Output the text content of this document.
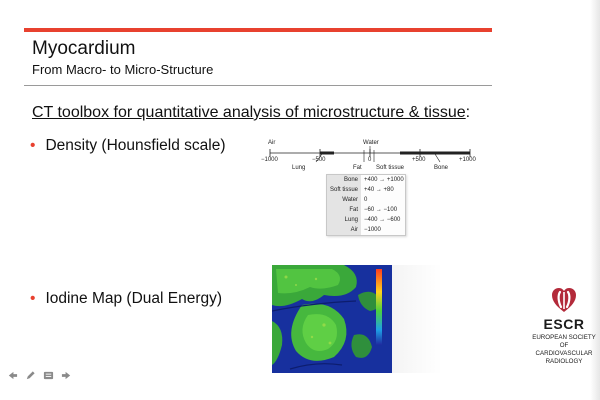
Myocardium
From Macro- to Micro-Structure
CT toolbox for quantitative analysis of microstructure & tissue:
• Density (Hounsfield scale)	Air	Water
−1000	−500	0	+500	+1000
Lung	Fat Soft tissue	Bone
Bone	+400 → +1000
Soft tissue	+40 → +80
Water	0
Fat	−60 → −100
Lung	−400 → −600
Air	−1000
• Iodine Map (Dual Energy)
ESCR
EUROPEAN SOCIETY OF
CARDIOVASCULAR
RADIOLOGY
